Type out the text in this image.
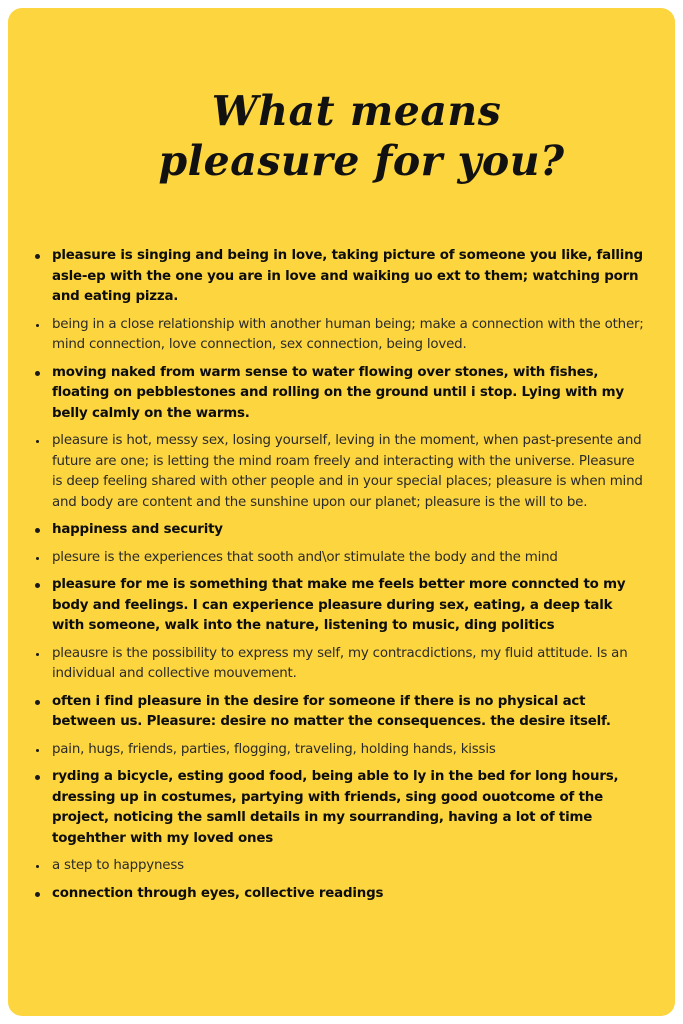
What means
pleasure for you?
pleasure is singing and being in love, taking picture of someone you like, falling asle-ep with the one you are in love and waiking uo ext to them; watching porn and eating pizza.
being in a close relationship with another human being; make a connection with the other; mind connection, love connection, sex connection, being loved.
moving naked from warm sense to water flowing over stones, with fishes, floating on pebblestones and rolling on the ground until i stop. Lying with my belly calmly on the warms.
pleasure is hot, messy sex, losing yourself, leving in the moment, when past-presente and future are one; is letting the mind roam freely and interacting with the universe. Pleasure is deep feeling shared with other people and in your special places; pleasure is when mind and body are content and the sunshine upon our planet; pleasure is the will to be.
happiness and security
plesure is the experiences that sooth and\or stimulate the body and the mind
pleasure for me is something that make me feels better more conncted to my body and feelings. I can experience pleasure during sex, eating, a deep talk with someone, walk into the nature, listening to music, ding politics
pleausre is the possibility to express my self, my contracdictions, my fluid attitude. Is an individual and collective mouvement.
often i find pleasure in the desire for someone if there is no physical act between us. Pleasure: desire no matter the consequences. the desire itself.
pain, hugs, friends, parties, flogging, traveling, holding hands, kissis
ryding a bicycle, esting good food, being able to ly in the bed for long hours, dressing up in costumes, partying with friends, sing good ouotcome of the project, noticing the samll details in my sourranding, having a lot of time togehther with my loved ones
a step to happyness
connection through eyes, collective readings
